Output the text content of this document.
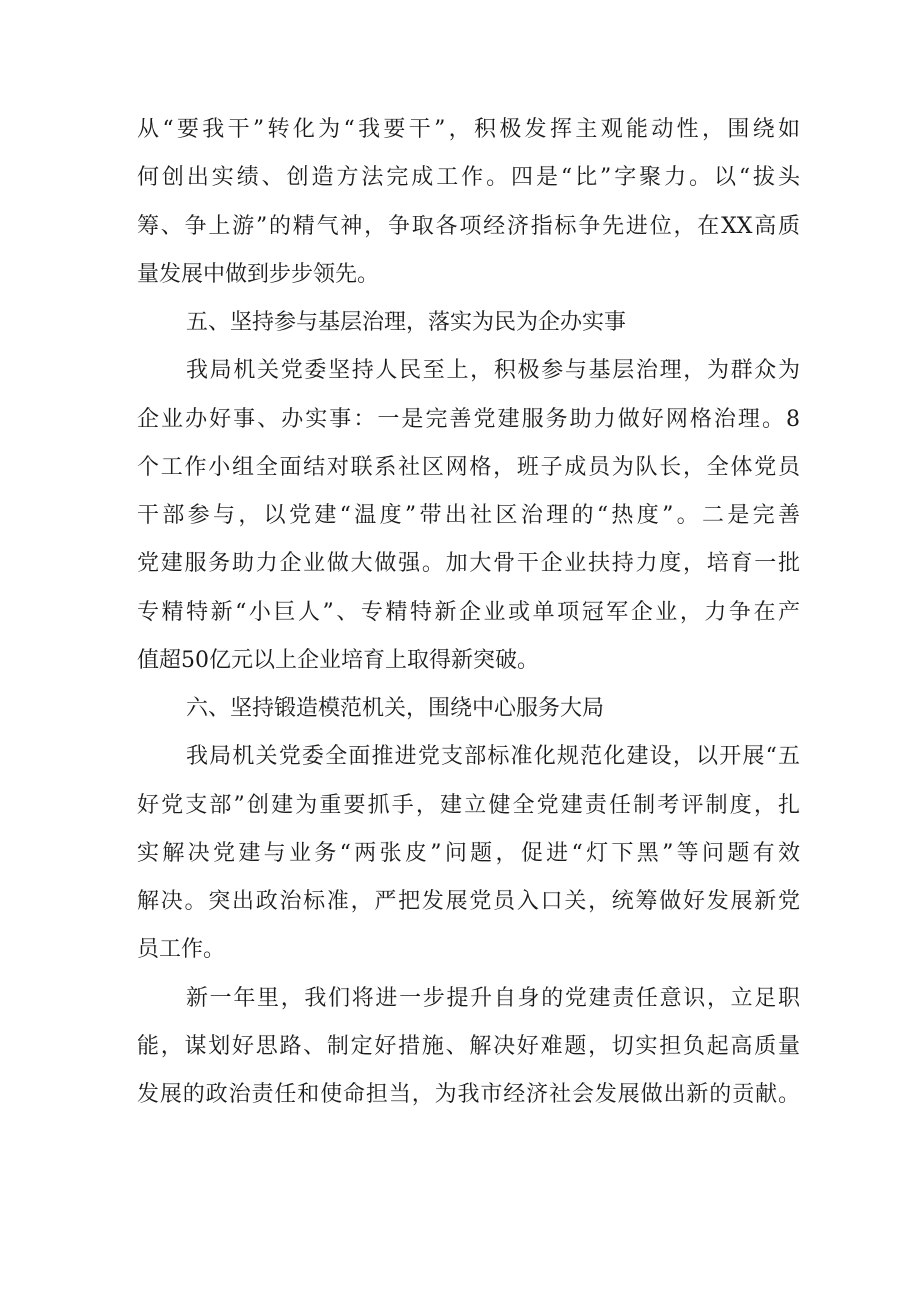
从“要我干”转化为“我要干”，积极发挥主观能动性，围绕如
何创出实绩、创造方法完成工作。四是“比”字聚力。以“拔头
筹、争上游”的精气神，争取各项经济指标争先进位，在XX高质
量发展中做到步步领先。
五、坚持参与基层治理，落实为民为企办实事
我局机关党委坚持人民至上，积极参与基层治理，为群众为
企业办好事、办实事：一是完善党建服务助力做好网格治理。8
个工作小组全面结对联系社区网格，班子成员为队长，全体党员
干部参与，以党建“温度”带出社区治理的“热度”。二是完善
党建服务助力企业做大做强。加大骨干企业扶持力度，培育一批
专精特新“小巨人”、专精特新企业或单项冠军企业，力争在产
值超50亿元以上企业培育上取得新突破。
六、坚持锻造模范机关，围绕中心服务大局
我局机关党委全面推进党支部标准化规范化建设，以开展“五
好党支部”创建为重要抓手，建立健全党建责任制考评制度，扎
实解决党建与业务“两张皮”问题，促进“灯下黑”等问题有效
解决。突出政治标准，严把发展党员入口关，统筹做好发展新党
员工作。
新一年里，我们将进一步提升自身的党建责任意识，立足职
能，谋划好思路、制定好措施、解决好难题，切实担负起高质量
发展的政治责任和使命担当，为我市经济社会发展做出新的贡献。
